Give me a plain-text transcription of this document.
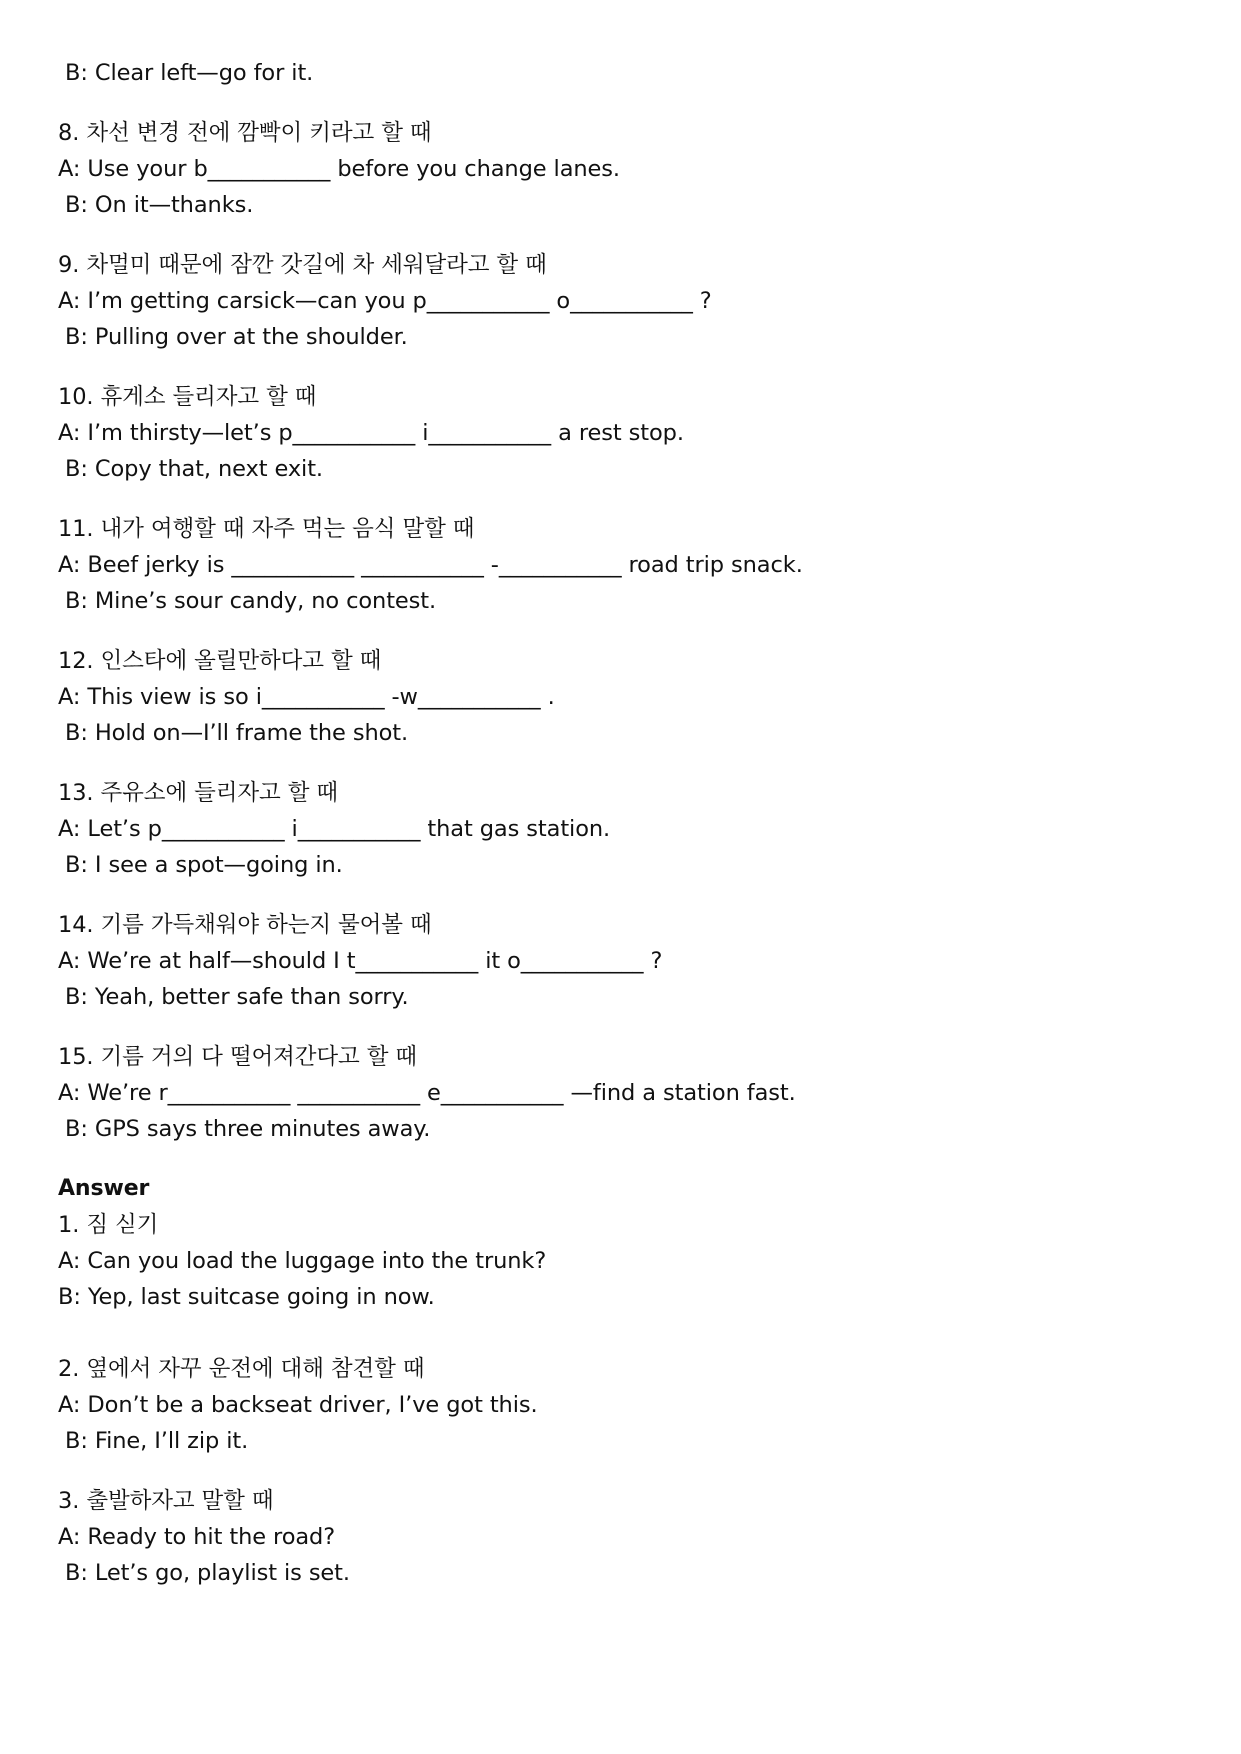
B: Clear left—go for it.
8. 차선 변경 전에 깜빡이 키라고 할 때
A: Use your b___________ before you change lanes.
B: On it—thanks.
9. 차멀미 때문에 잠깐 갓길에 차 세워달라고 할 때
A: I’m getting carsick—can you p___________ o___________ ?
B: Pulling over at the shoulder.
10. 휴게소 들리자고 할 때
A: I’m thirsty—let’s p___________ i___________ a rest stop.
B: Copy that, next exit.
11. 내가 여행할 때 자주 먹는 음식 말할 때
A: Beef jerky is ___________ ___________ -___________ road trip snack.
B: Mine’s sour candy, no contest.
12. 인스타에 올릴만하다고 할 때
A: This view is so i___________ -w___________ .
B: Hold on—I’ll frame the shot.
13. 주유소에 들리자고 할 때
A: Let’s p___________ i___________ that gas station.
B: I see a spot—going in.
14. 기름 가득채워야 하는지 물어볼 때
A: We’re at half—should I t___________ it o___________ ?
B: Yeah, better safe than sorry.
15. 기름 거의 다 떨어져간다고 할 때
A: We’re r___________ ___________ e___________ —find a station fast.
B: GPS says three minutes away.
Answer
1. 짐 싣기
A: Can you load the luggage into the trunk?
B: Yep, last suitcase going in now.
2. 옆에서 자꾸 운전에 대해 참견할 때
A: Don’t be a backseat driver, I’ve got this.
B: Fine, I’ll zip it.
3. 출발하자고 말할 때
A: Ready to hit the road?
B: Let’s go, playlist is set.
